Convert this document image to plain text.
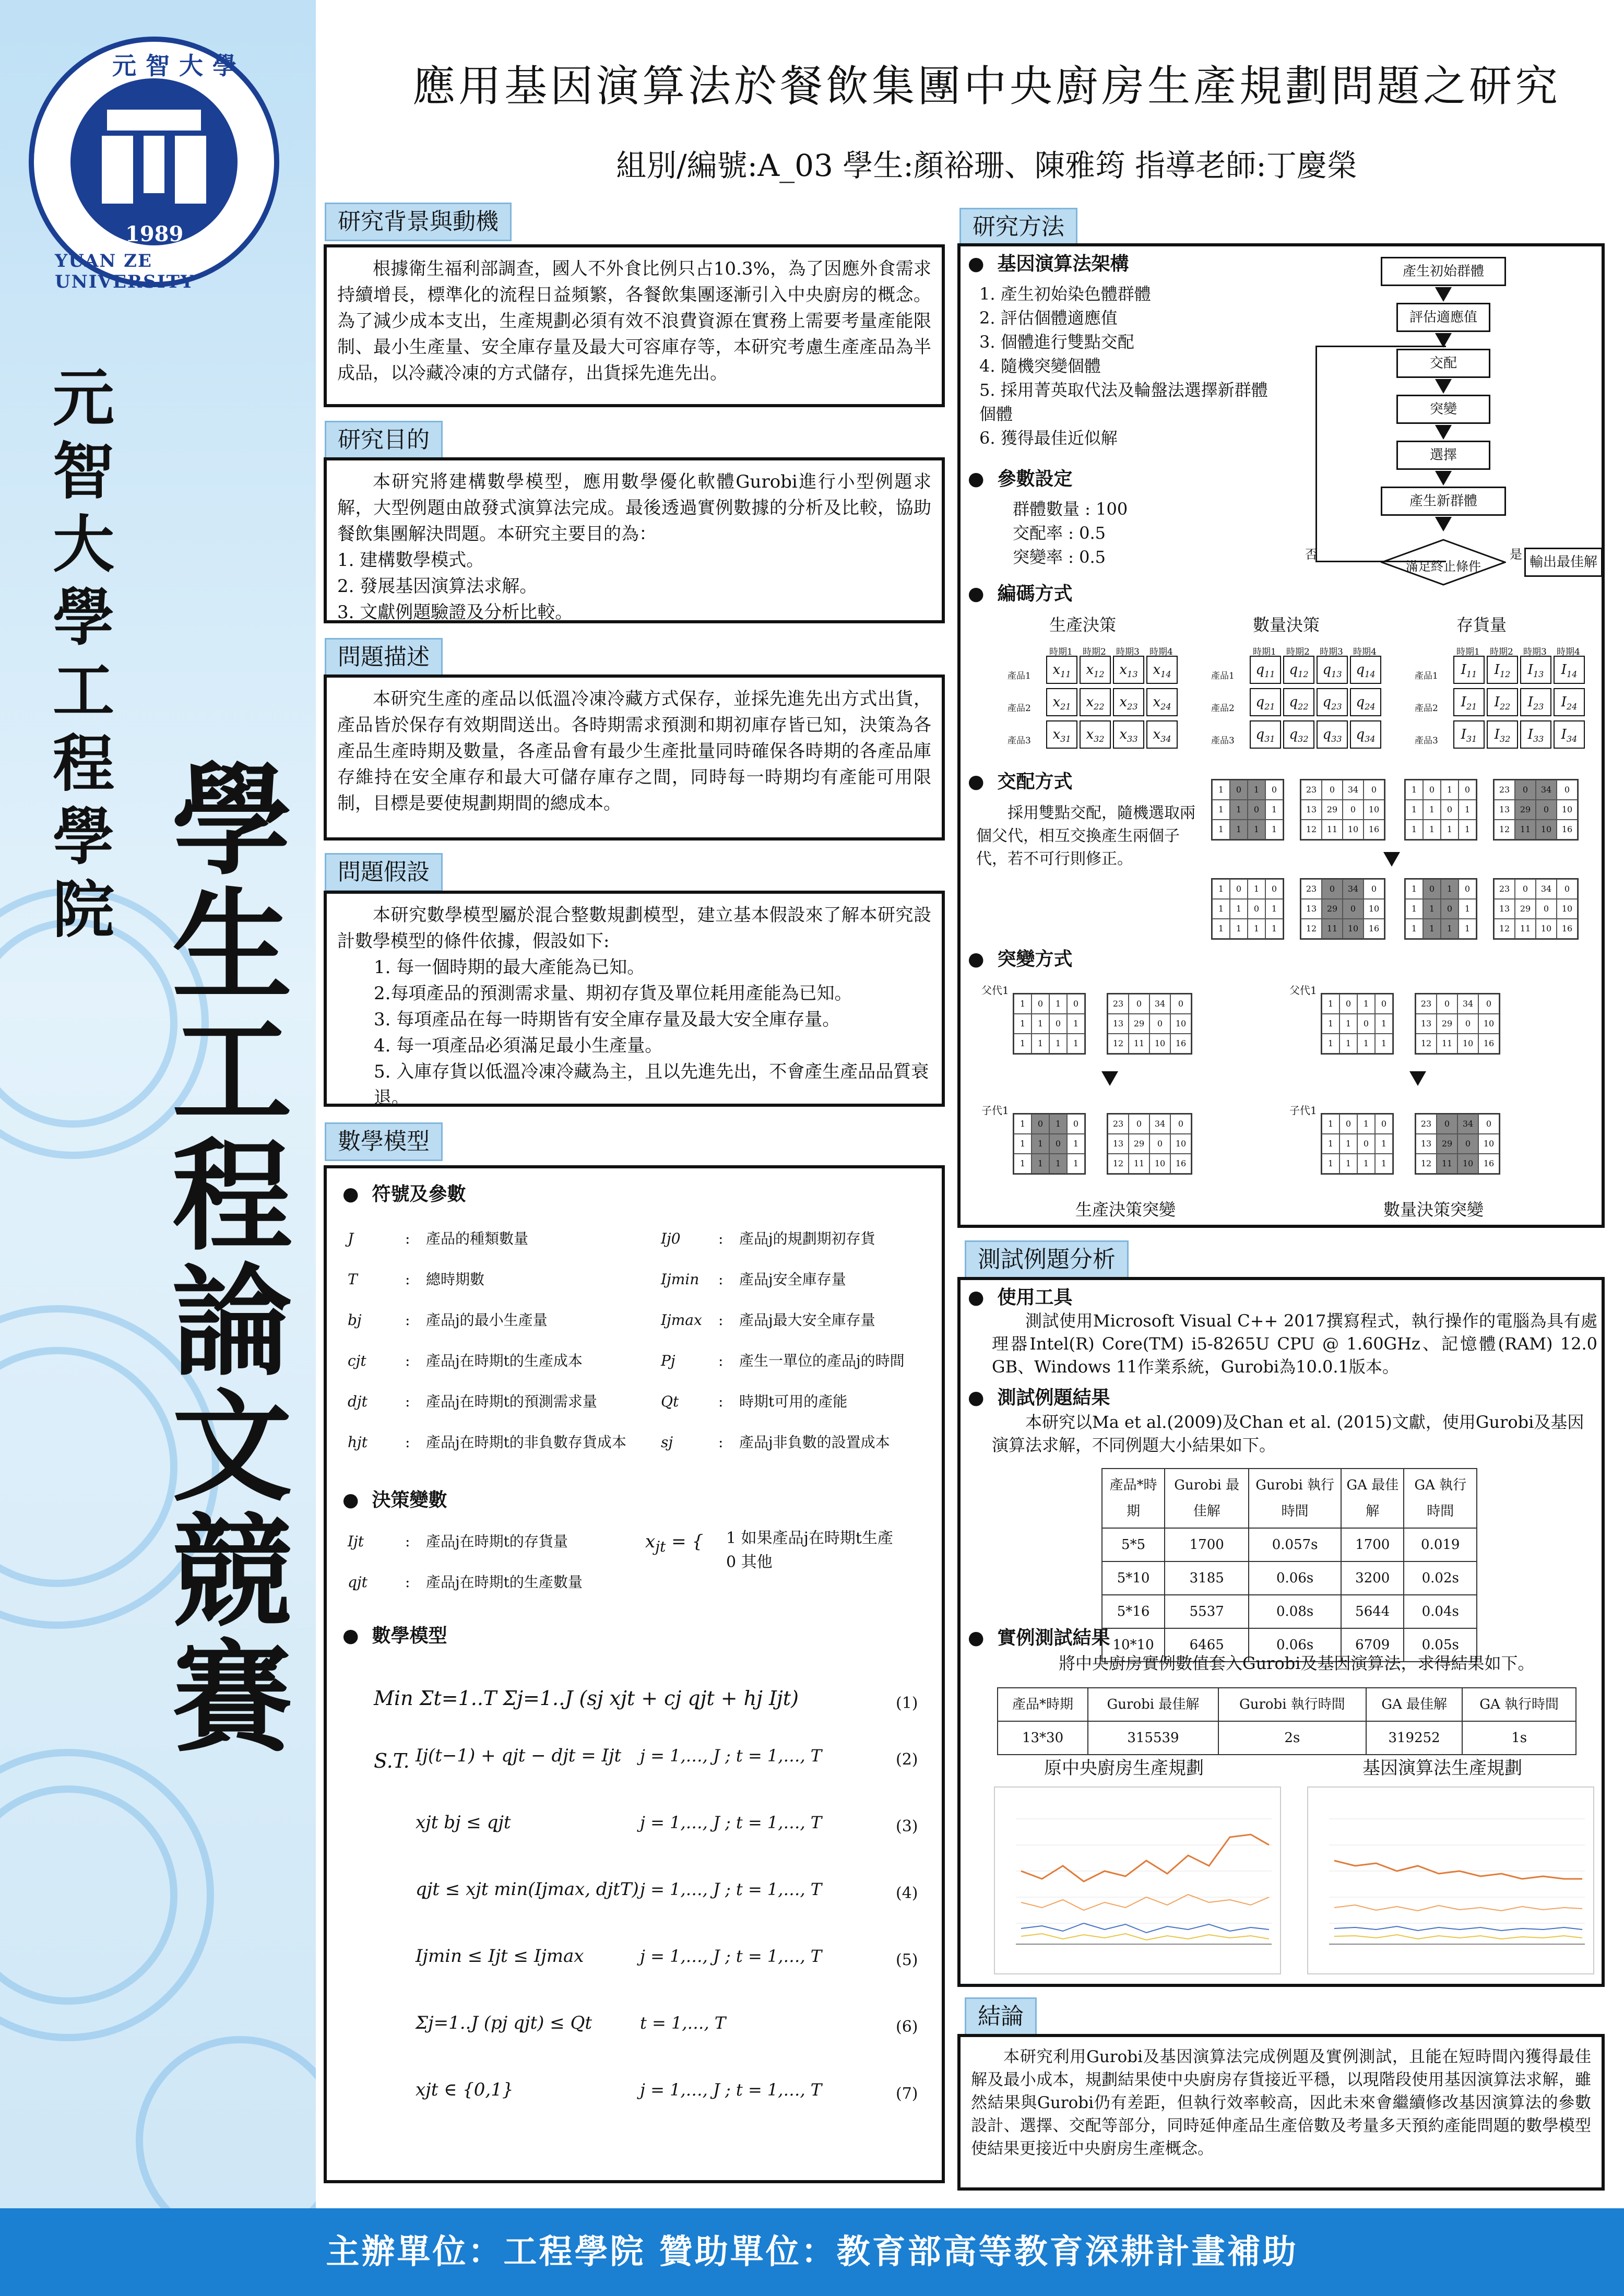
元智大學
1989
YUAN ZE UNIVERSITY
元智大學工程學院
學生工程論文競賽
應用基因演算法於餐飲集團中央廚房生產規劃問題之研究
組別/編號:A_03 學生:顏裕珊、陳雅筠 指導老師:丁慶榮
研究背景與動機

根據衛生福利部調查，國人不外食比例只占10.3%，為了因應外食需求持續增長，標準化的流程日益頻繁，各餐飲集團逐漸引入中央廚房的概念。為了減少成本支出，生產規劃必須有效不浪費資源在實務上需要考量產能限制、最小生產量、安全庫存量及最大可容庫存等，本研究考慮生產產品為半成品，以冷藏冷凍的方式儲存，出貨採先進先出。

研究目的

本研究將建構數學模型，應用數學優化軟體Gurobi進行小型例題求解，大型例題由啟發式演算法完成。最後透過實例數據的分析及比較，協助餐飲集團解決問題。本研究主要目的為：

1. 建構數學模式。
2. 發展基因演算法求解。
3. 文獻例題驗證及分析比較。
問題描述

本研究生產的產品以低溫冷凍冷藏方式保存，並採先進先出方式出貨，產品皆於保存有效期間送出。各時期需求預測和期初庫存皆已知，決策為各產品生產時期及數量，各產品會有最少生產批量同時確保各時期的各產品庫存維持在安全庫存和最大可儲存庫存之間，同時每一時期均有產能可用限制，目標是要使規劃期間的總成本。

問題假設

本研究數學模型屬於混合整數規劃模型，建立基本假設來了解本研究設計數學模型的條件依據，假設如下:

1. 每一個時期的最大產能為已知。
2.每項產品的預測需求量、期初存貨及單位耗用產能為已知。
3. 每項產品在每一時期皆有安全庫存量及最大安全庫存量。
4. 每一項產品必須滿足最小生產量。
5. 入庫存貨以低溫冷凍冷藏為主，且以先進先出，不會產生產品品質衰退。
數學模型
●  符號及參數
J	: 產品的種類數量
T	: 總時期數
bj	: 產品j的最小生產量
cjt	: 產品j在時期t的生產成本
djt	: 產品j在時期t的預測需求量
hjt	: 產品j在時期t的非負數存貨成本
Ij0	: 產品j的規劃期初存貨
Ijmin : 產品j安全庫存量
Ijmax : 產品j最大安全庫存量
Pj	: 產生一單位的產品j的時間
Qt	: 時期t可用的產能
sj	: 產品j非負數的設置成本
●  決策變數
Ijt	: 產品j在時期t的存貨量
qjt	: 產品j在時期t的生產數量
$x_{jt}$ = { 1 如果產品j在時期t生產
0 其他
●  數學模型
Min Σt=1..T Σj=1..J (sj xjt + cj qjt + hj Ijt)	(1)
S.T. Ij(t−1) + qjt − djt = Ijt j = 1,…, J ; t = 1,…, T	(2)
xjt bj ≤ qjt	j = 1,…, J ; t = 1,…, T	(3)
qjt ≤ xjt min(Ijmax, djtT) j = 1,…, J ; t = 1,…, T	(4)
Ijmin ≤ Ijt ≤ Ijmax	j = 1,…, J ; t = 1,…, T	(5)
Σj=1..J (pj qjt) ≤ Qt	t = 1,…, T	(6)
xjt ∈ {0,1}	j = 1,…, J ; t = 1,…, T	(7)
研究方法
●  基因演算法架構
1. 產生初始染色體群體
2. 評估個體適應值
3. 個體進行雙點交配
4. 隨機突變個體
5. 採用菁英取代法及輪盤法選擇新群體個體
6. 獲得最佳近似解
產生初始群體
評估適應值
交配
突變
選擇
產生新群體
滿足終止條件	輸出最佳解
否	是
●  參數設定
群體數量 : 100
交配率 : 0.5
突變率 : 0.5
●  編碼方式
生產決策
時期1 時期2 時期3 時期4
產品1	$x_{11}$	$x_{12}$	$x_{13}$	$x_{14}$
產品2	$x_{21}$	$x_{22}$	$x_{23}$	$x_{24}$
產品3	$x_{31}$	$x_{32}$	$x_{33}$	$x_{34}$
數量決策
時期1 時期2 時期3 時期4
產品1	$q_{11}$	$q_{12}$	$q_{13}$	$q_{14}$
產品2	$q_{21}$	$q_{22}$	$q_{23}$	$q_{24}$
產品3	$q_{31}$	$q_{32}$	$q_{33}$	$q_{34}$
存貨量
時期1 時期2 時期3 時期4
產品1	$I_{11}$	$I_{12}$	$I_{13}$	$I_{14}$
產品2	$I_{21}$	$I_{22}$	$I_{23}$	$I_{24}$
產品3	$I_{31}$	$I_{32}$	$I_{33}$	$I_{34}$
●  交配方式
採用雙點交配，隨機選取兩個父代，相互交換產生兩個子代，若不可行則修正。
1	0	1	0
1	1	0	1
1	1	1	1
23	0	34	0
13	29	0	10
12	11	10	16
1	0	1	0
1	1	0	1
1	1	1	1
23	0	34	0
13	29	0	10
12	11	10	16
1	0	1	0
1	1	0	1
1	1	1	1
23	0	34	0
13	29	0	10
12	11	10	16
1	0	1	0
1	1	0	1
1	1	1	1
23	0	34	0
13	29	0	10
12	11	10	16
●  突變方式
父代1
1	0	1	0
1	1	0	1
1	1	1	1
23	0	34	0
13	29	0	10
12	11	10	16
子代1
1	0	1	0
1	1	0	1
1	1	1	1
23	0	34	0
13	29	0	10
12	11	10	16
生產決策突變
父代1
1	0	1	0
1	1	0	1
1	1	1	1
23	0	34	0
13	29	0	10
12	11	10	16
子代1
1	0	1	0
1	1	0	1
1	1	1	1
23	0	34	0
13	29	0	10
12	11	10	16
數量決策突變
測試例題分析
●  使用工具
測試使用Microsoft Visual C++ 2017撰寫程式，執行操作的電腦為具有處理器Intel(R) Core(TM) i5-8265U CPU @ 1.60GHz、記憶體(RAM) 12.0 GB、Windows 11作業系統，Gurobi為10.0.1版本。
●  測試例題結果
本研究以Ma et al.(2009)及Chan et al. (2015)文獻，使用Gurobi及基因演算法求解，不同例題大小結果如下。
產品*時期	Gurobi 最佳解	Gurobi 執行時間	GA 最佳解	GA 執行時間
5*5	1700	0.057s	1700	0.019
5*10	3185	0.06s	3200	0.02s
5*16	5537	0.08s	5644	0.04s
10*10	6465	0.06s	6709	0.05s
●  實例測試結果
將中央廚房實例數值套入Gurobi及基因演算法，求得結果如下。
產品*時期	Gurobi 最佳解	Gurobi 執行時間	GA 最佳解	GA 執行時間
13*30	315539	2s	319252	1s
原中央廚房生產規劃	基因演算法生產規劃
結論

本研究利用Gurobi及基因演算法完成例題及實例測試，且能在短時間內獲得最佳解及最小成本，規劃結果使中央廚房存貨接近平穩，以現階段使用基因演算法求解，雖然結果與Gurobi仍有差距，但執行效率較高，因此未來會繼續修改基因演算法的參數設計、選擇、交配等部分，同時延伸產品生產倍數及考量多天預約產能問題的數學模型使結果更接近中央廚房生產概念。

主辦單位：工程學院 贊助單位：教育部高等教育深耕計畫補助
